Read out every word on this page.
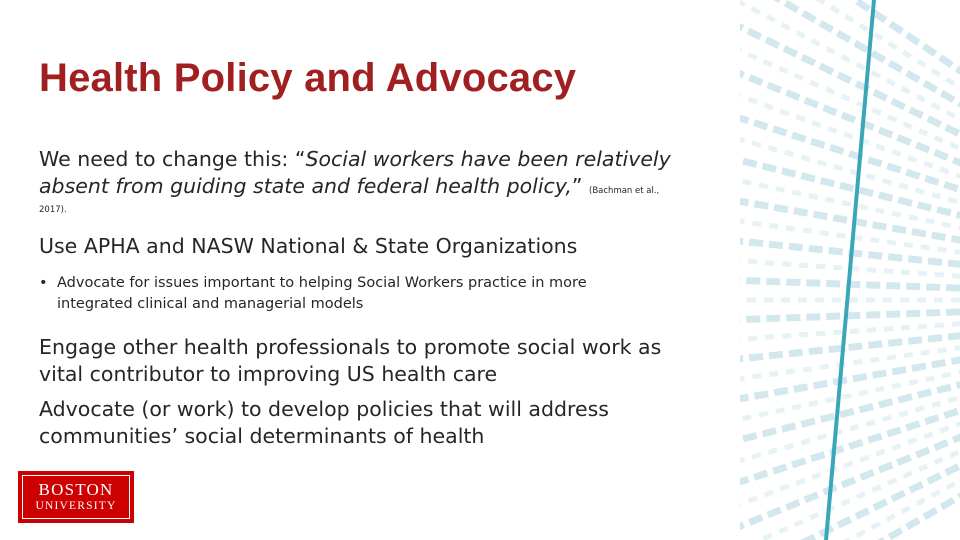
Health Policy and Advocacy

We need to change this: “Social workers have been relatively absent from guiding state and federal health policy,” (Bachman et al.,

2017).

Use APHA and NASW National & State Organizations

• Advocate for issues important to helping Social Workers practice in more integrated clinical and managerial models

Engage other health professionals to promote social work as vital contributor to improving US health care

Advocate (or work) to develop policies that will address communities’ social determinants of health

BOSTON
UNIVERSITY
